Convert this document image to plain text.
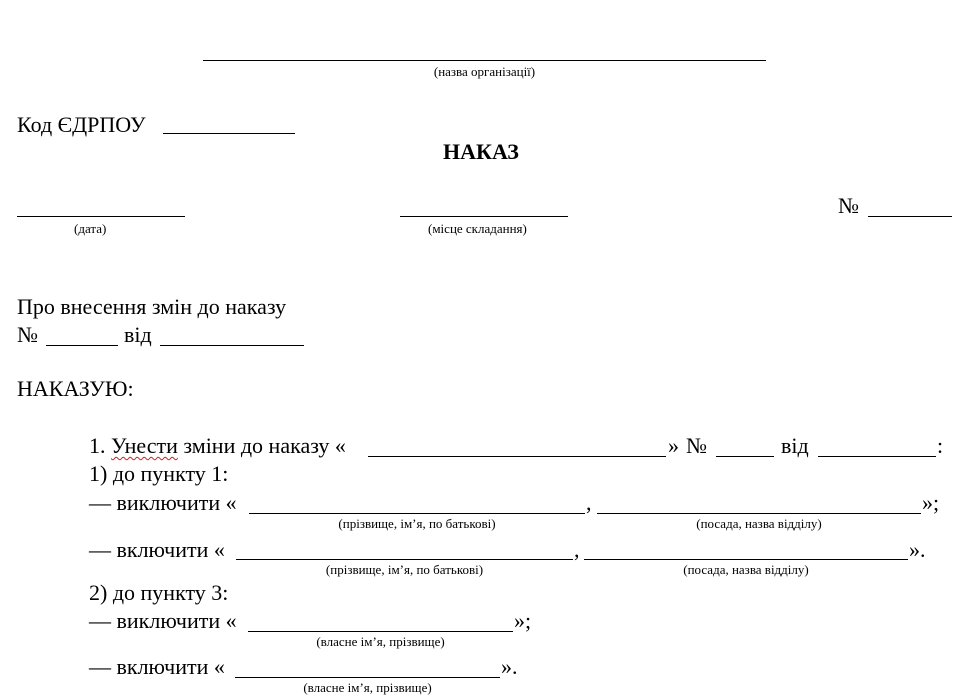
(назва організації)
Код ЄДРПОУ
НАКАЗ
(дата)	(місце складання)
№
Про внесення змін до наказу
№	від
НАКАЗУЮ:
1. Унести зміни до наказу «	» №	від	:
1) до пункту 1:
— виключити «	,	»;
(прізвище, ім’я, по батькові)	(посада, назва відділу)
— включити «	,	».
(прізвище, ім’я, по батькові)	(посада, назва відділу)
2) до пункту 3:
— виключити «	»;
(власне ім’я, прізвище)
— включити «	».
(власне ім’я, прізвище)
